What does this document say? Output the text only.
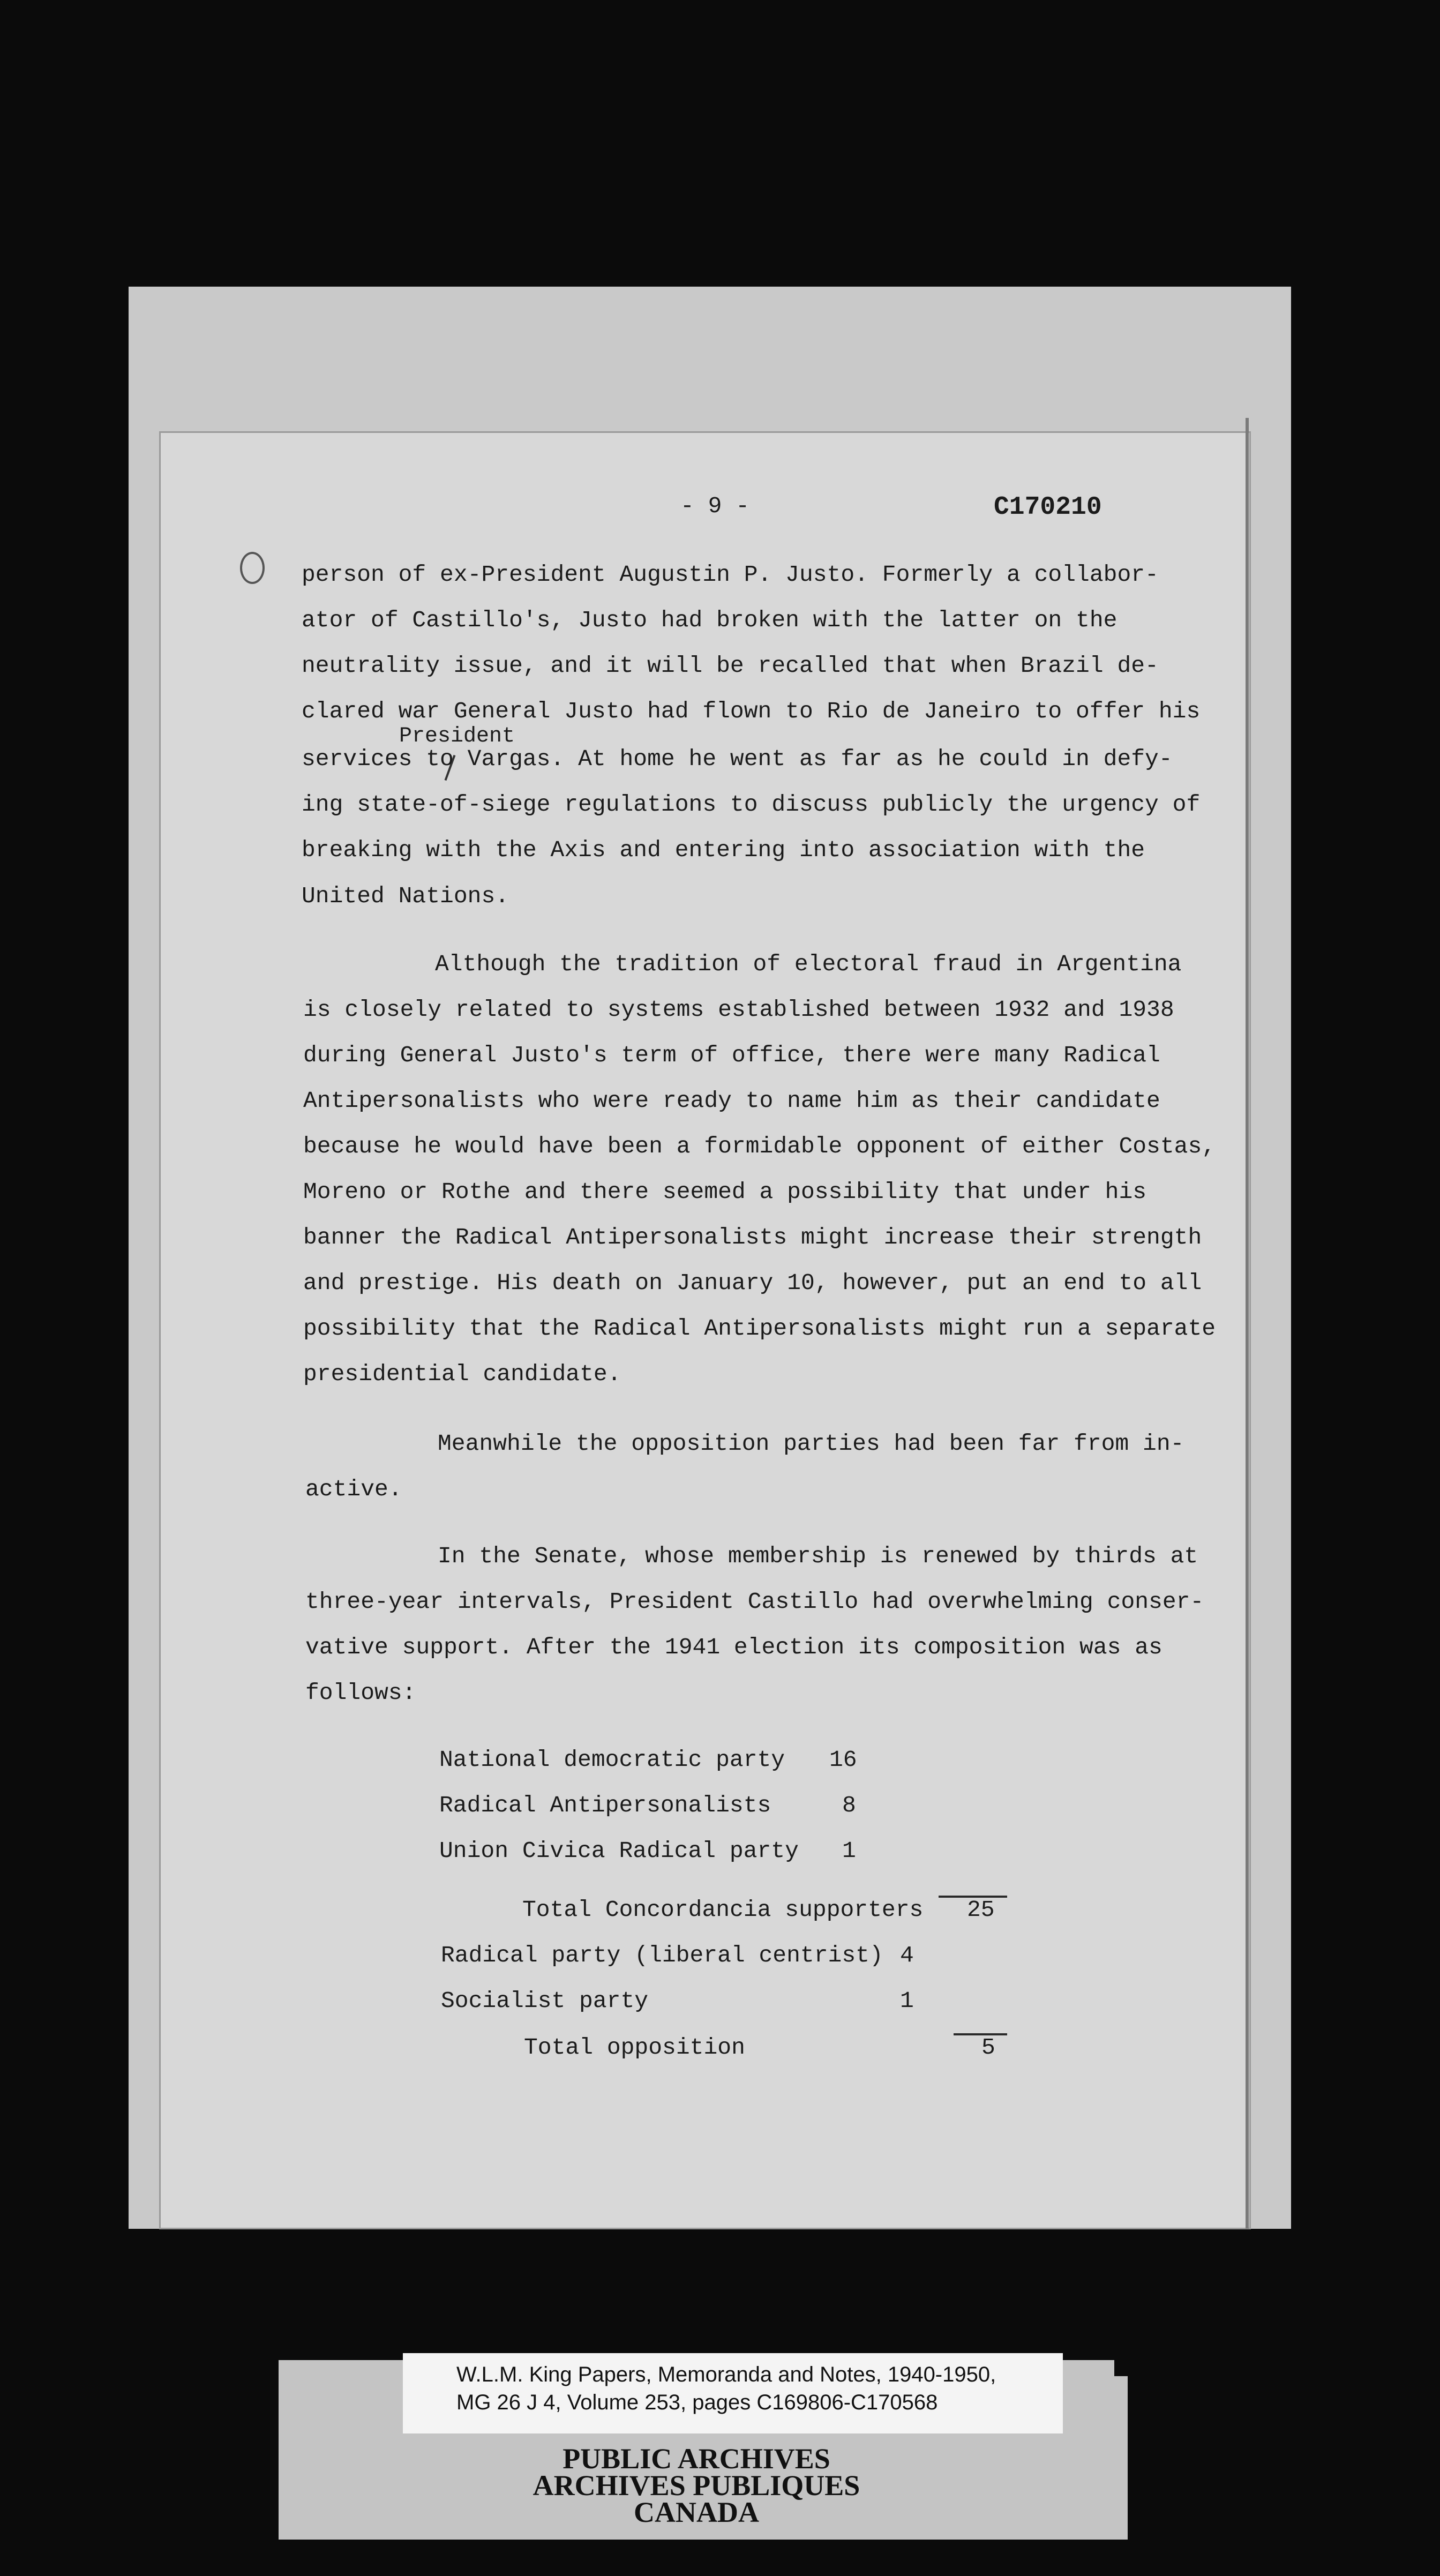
- 9 -	C170210
President
person of ex-President Augustin P. Justo. Formerly a collabor-
ator of Castillo's, Justo had broken with the latter on the
neutrality issue, and it will be recalled that when Brazil de-
clared war General Justo had flown to Rio de Janeiro to offer his
services to Vargas. At home he went as far as he could in defy-
ing state-of-siege regulations to discuss publicly the urgency of
breaking with the Axis and entering into association with the
United Nations.
Although the tradition of electoral fraud in Argentina
is closely related to systems established between 1932 and 1938
during General Justo's term of office, there were many Radical
Antipersonalists who were ready to name him as their candidate
because he would have been a formidable opponent of either Costas,
Moreno or Rothe and there seemed a possibility that under his
banner the Radical Antipersonalists might increase their strength
and prestige. His death on January 10, however, put an end to all
possibility that the Radical Antipersonalists might run a separate
presidential candidate.
Meanwhile the opposition parties had been far from in-
active.
In the Senate, whose membership is renewed by thirds at
three-year intervals, President Castillo had overwhelming conser-
vative support. After the 1941 election its composition was as
follows:
National democratic party 16
Radical Antipersonalists	8
Union Civica Radical party 1
Total Concordancia supporters 25
Radical party (liberal centrist) 4
Socialist party	1
Total opposition	5
W.L.M. King Papers, Memoranda and Notes, 1940-1950,
MG 26 J 4, Volume 253, pages C169806-C170568
PUBLIC ARCHIVES
ARCHIVES PUBLIQUES
CANADA
